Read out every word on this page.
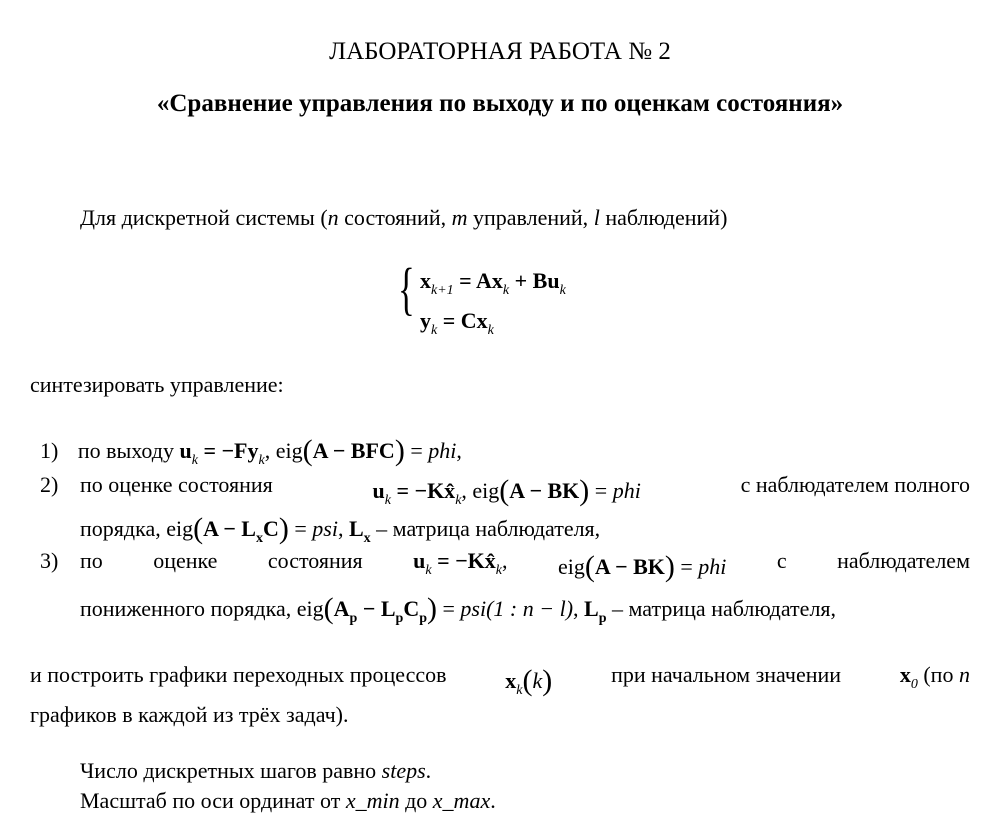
ЛАБОРАТОРНАЯ РАБОТА № 2
«Сравнение управления по выходу и по оценкам состояния»
Для дискретной системы (n состояний, m управлений, l наблюдений)
{ $x_{k+1} = Ax_k + Bu_k$
$y_k = Cx_k$
синтезировать управление:
1) по выходу $u_k = -Fy_k$, eig(A − BFC) = phi,
2) по оценке состояния	$u_k$ = $-Kx̂_k$, eig(A − BK) = phi	с наблюдателем полного
порядка, $eig(A - L_xC)$ = psi, $L_x$ – матрица наблюдателя,
3) по оценке состояния $u_k$ = $-Kx̂_k$, eig(A − BK) = phi с наблюдателем
пониженного порядка, $eig(A_p - L_pC_p) = psi(1$ : n − l), $L_p$ – матрица наблюдателя,
и построить графики переходных процессов	$x_k(k)$	при начальном значении	$x_0$ (по n
графиков в каждой из трёх задач).
Число дискретных шагов равно steps.
Масштаб по оси ординат от x_min до x_max.
